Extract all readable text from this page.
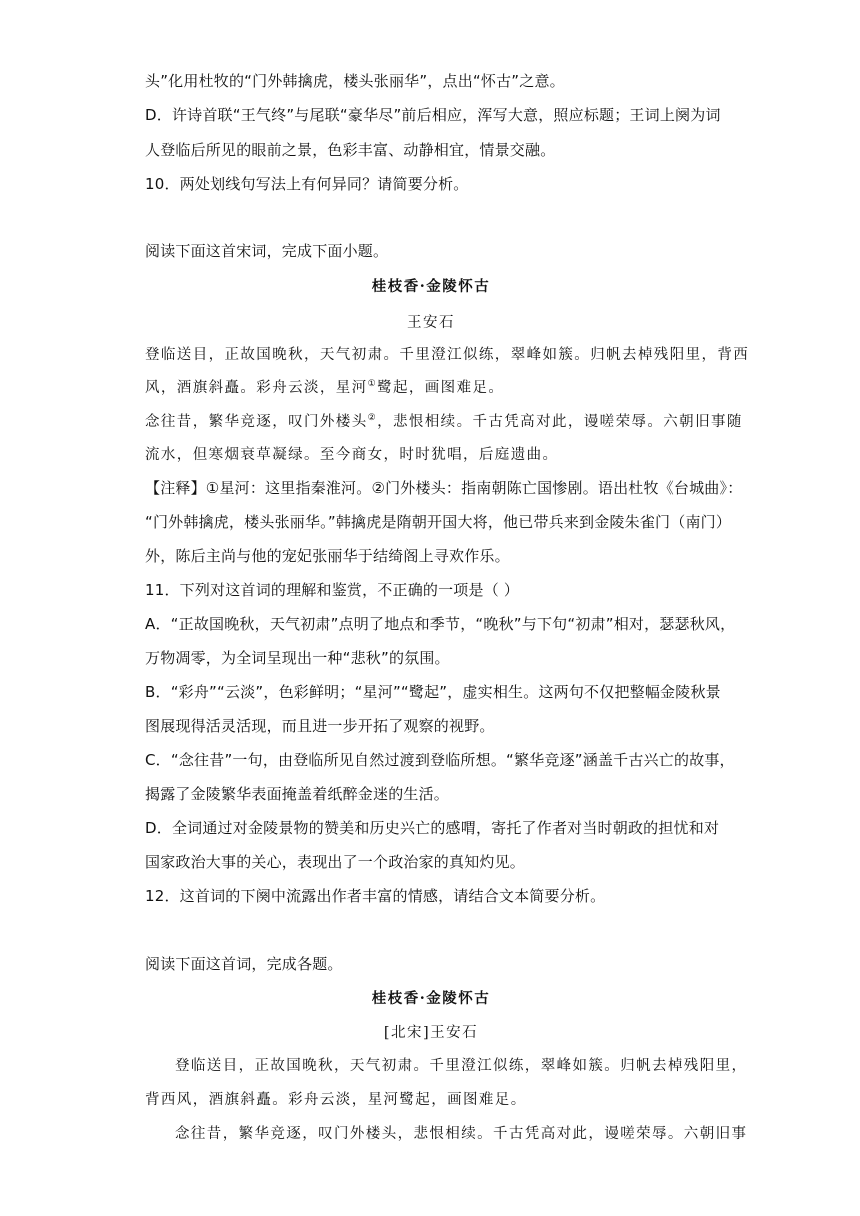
头”化用杜牧的“门外韩擒虎，楼头张丽华”，点出“怀古”之意。
D．许诗首联“王气终”与尾联“豪华尽”前后相应，浑写大意，照应标题；王词上阕为词
人登临后所见的眼前之景，色彩丰富、动静相宜，情景交融。
10．两处划线句写法上有何异同？请简要分析。
阅读下面这首宋词，完成下面小题。
桂枝香·金陵怀古
王安石
登临送目，正故国晚秋，天气初肃。千里澄江似练，翠峰如簇。归帆去棹残阳里，背西
风，酒旗斜矗。彩舟云淡，星河①鹭起，画图难足。
念往昔，繁华竞逐，叹门外楼头②，悲恨相续。千古凭高对此，谩嗟荣辱。六朝旧事随
流水，但寒烟衰草凝绿。至今商女，时时犹唱，后庭遗曲。
【注释】①星河：这里指秦淮河。②门外楼头：指南朝陈亡国惨剧。语出杜牧《台城曲》：
“门外韩擒虎，楼头张丽华。”韩擒虎是隋朝开国大将，他已带兵来到金陵朱雀门（南门）
外，陈后主尚与他的宠妃张丽华于结绮阁上寻欢作乐。
11．下列对这首词的理解和鉴赏，不正确的一项是（ ）
A．“正故国晚秋，天气初肃”点明了地点和季节，“晚秋”与下句“初肃”相对，瑟瑟秋风，
万物凋零，为全词呈现出一种“悲秋”的氛围。
B．“彩舟”“云淡”，色彩鲜明；“星河”“鹭起”，虚实相生。这两句不仅把整幅金陵秋景
图展现得活灵活现，而且进一步开拓了观察的视野。
C．“念往昔”一句，由登临所见自然过渡到登临所想。“繁华竞逐”涵盖千古兴亡的故事，
揭露了金陵繁华表面掩盖着纸醉金迷的生活。
D．全词通过对金陵景物的赞美和历史兴亡的感喟，寄托了作者对当时朝政的担忧和对
国家政治大事的关心，表现出了一个政治家的真知灼见。
12．这首词的下阕中流露出作者丰富的情感，请结合文本简要分析。
阅读下面这首词，完成各题。
桂枝香·金陵怀古
[北宋]王安石
登临送目，正故国晚秋，天气初肃。千里澄江似练，翠峰如簇。归帆去棹残阳里，
背西风，酒旗斜矗。彩舟云淡，星河鹭起，画图难足。
念往昔，繁华竞逐，叹门外楼头，悲恨相续。千古凭高对此，谩嗟荣辱。六朝旧事
